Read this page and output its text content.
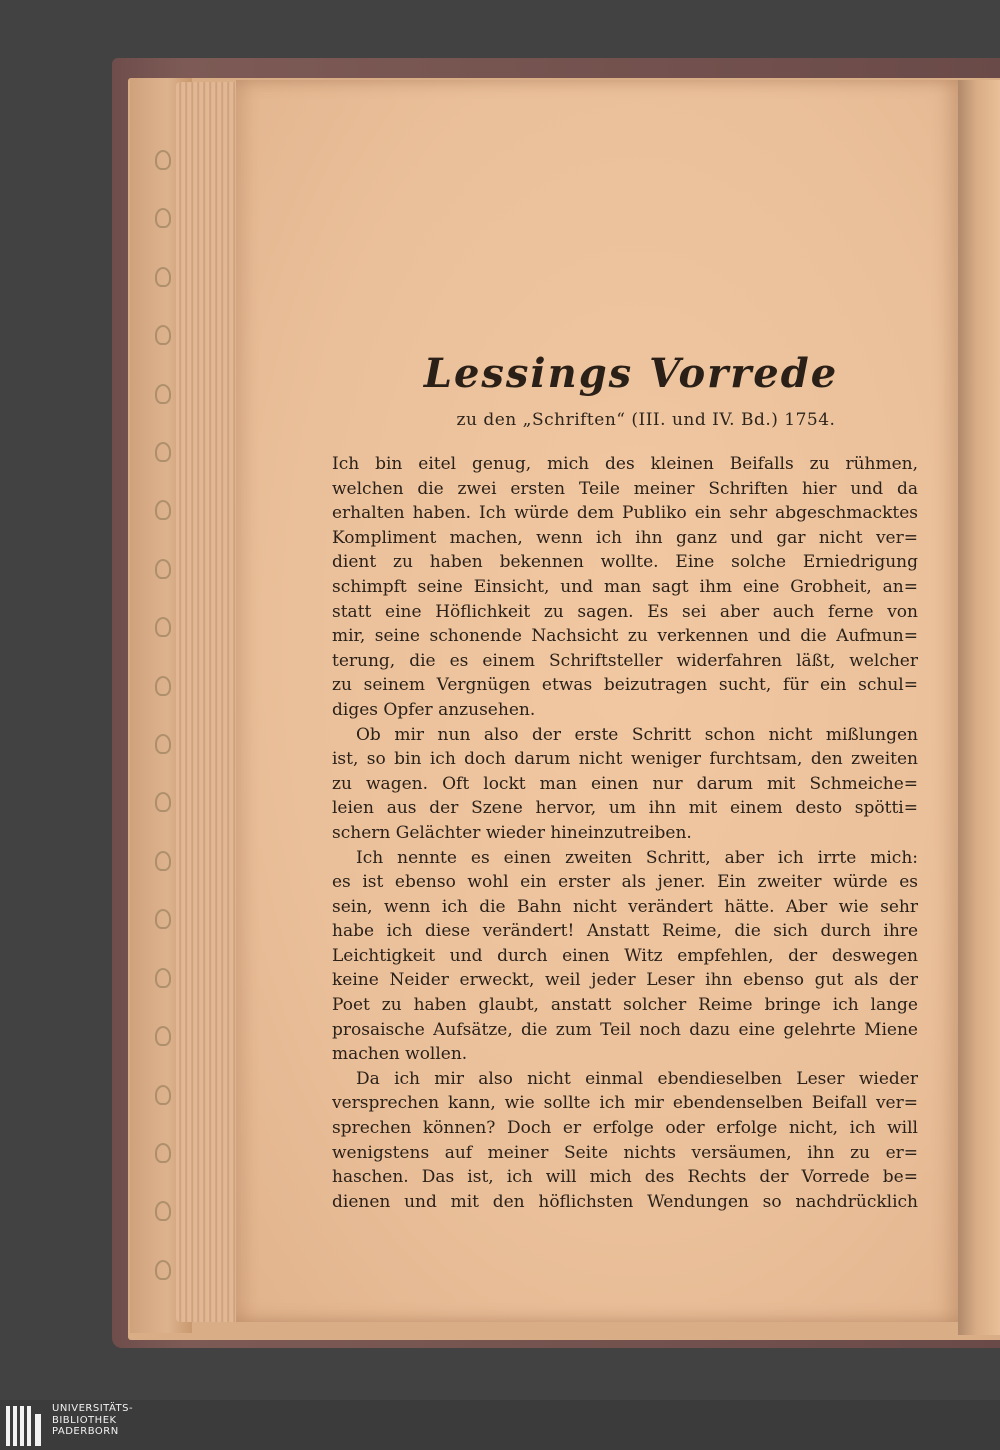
Lessings Vorrede
zu den „Schriften“ (III. und IV. Bd.) 1754.
Ich bin eitel genug, mich des kleinen Beifalls zu rühmen,
welchen die zwei ersten Teile meiner Schriften hier und da
erhalten haben. Ich würde dem Publiko ein sehr abgeschmacktes
Kompliment machen, wenn ich ihn ganz und gar nicht ver=
dient zu haben bekennen wollte. Eine solche Erniedrigung
schimpft seine Einsicht, und man sagt ihm eine Grobheit, an=
statt eine Höflichkeit zu sagen. Es sei aber auch ferne von
mir, seine schonende Nachsicht zu verkennen und die Aufmun=
terung, die es einem Schriftsteller widerfahren läßt, welcher
zu seinem Vergnügen etwas beizutragen sucht, für ein schul=
diges Opfer anzusehen.
Ob mir nun also der erste Schritt schon nicht mißlungen
ist, so bin ich doch darum nicht weniger furchtsam, den zweiten
zu wagen. Oft lockt man einen nur darum mit Schmeiche=
leien aus der Szene hervor, um ihn mit einem desto spötti=
schern Gelächter wieder hineinzutreiben.
Ich nennte es einen zweiten Schritt, aber ich irrte mich:
es ist ebenso wohl ein erster als jener. Ein zweiter würde es
sein, wenn ich die Bahn nicht verändert hätte. Aber wie sehr
habe ich diese verändert! Anstatt Reime, die sich durch ihre
Leichtigkeit und durch einen Witz empfehlen, der deswegen
keine Neider erweckt, weil jeder Leser ihn ebenso gut als der
Poet zu haben glaubt, anstatt solcher Reime bringe ich lange
prosaische Aufsätze, die zum Teil noch dazu eine gelehrte Miene
machen wollen.
Da ich mir also nicht einmal ebendieselben Leser wieder
versprechen kann, wie sollte ich mir ebendenselben Beifall ver=
sprechen können? Doch er erfolge oder erfolge nicht, ich will
wenigstens auf meiner Seite nichts versäumen, ihn zu er=
haschen. Das ist, ich will mich des Rechts der Vorrede be=
dienen und mit den höflichsten Wendungen so nachdrücklich
UNIVERSITÄTS-
BIBLIOTHEK
PADERBORN
